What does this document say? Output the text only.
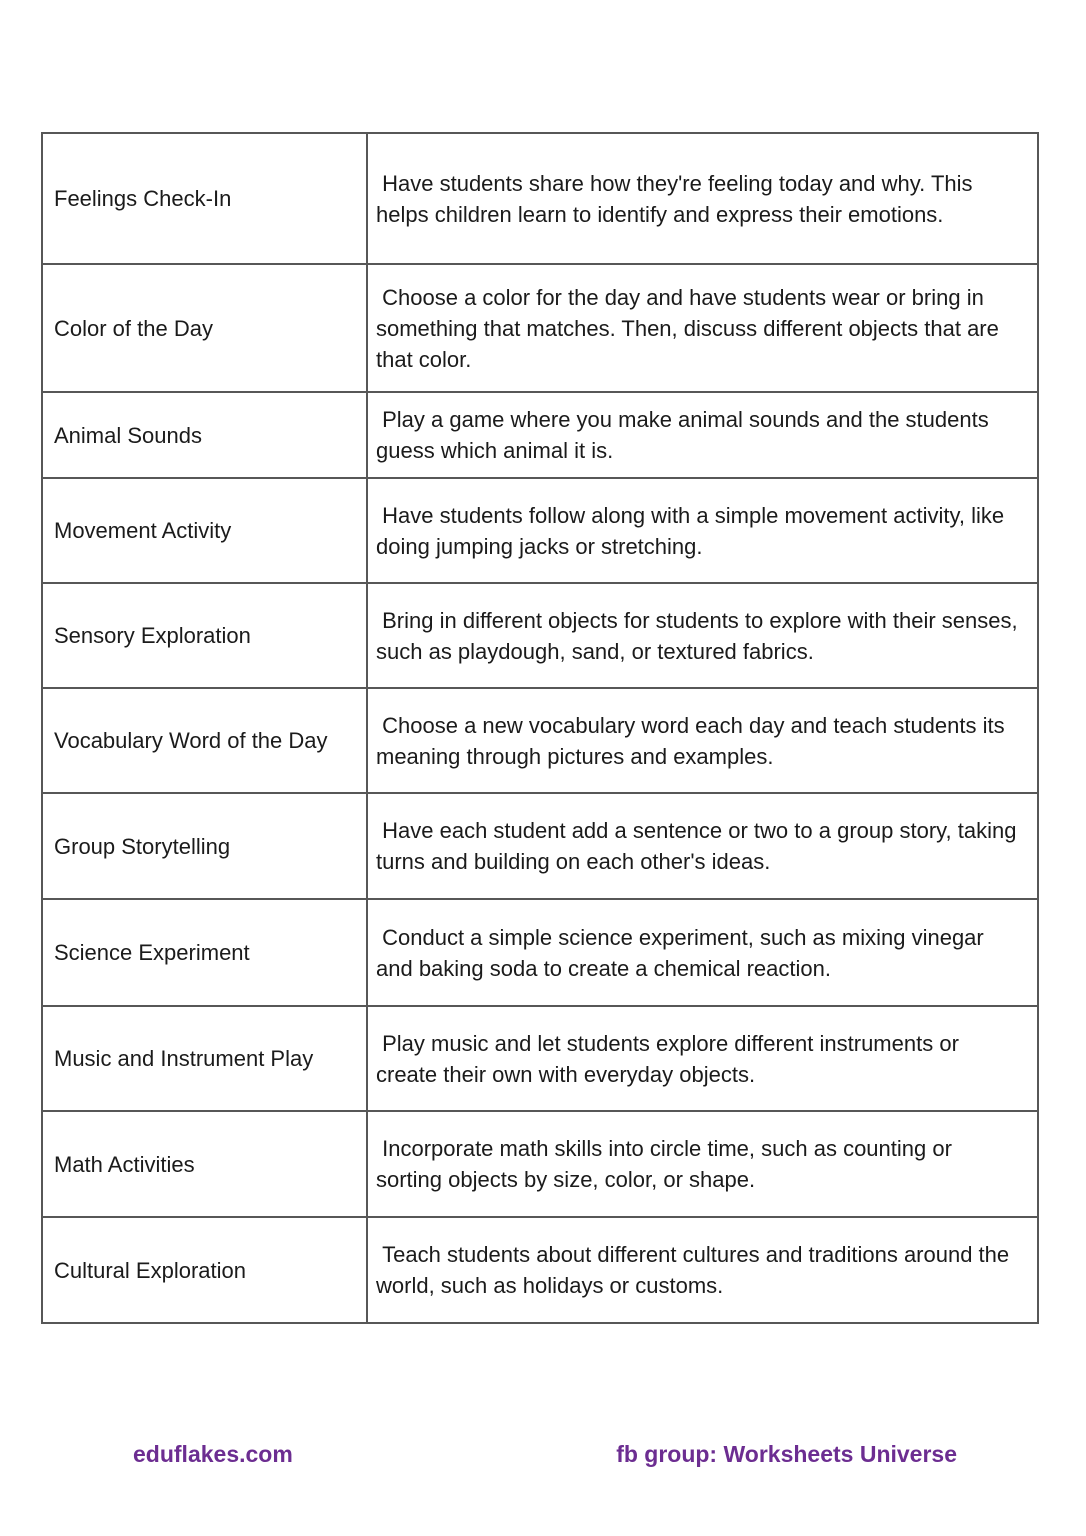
Feelings Check-In	Have students share how they're feeling today and why. This helps children learn to identify and express their emotions.
Color of the Day	Choose a color for the day and have students wear or bring in something that matches. Then, discuss different objects that are that color.
Animal Sounds	Play a game where you make animal sounds and the students guess which animal it is.
Movement Activity	Have students follow along with a simple movement activity, like doing jumping jacks or stretching.
Sensory Exploration	Bring in different objects for students to explore with their senses, such as playdough, sand, or textured fabrics.
Vocabulary Word of the Day	Choose a new vocabulary word each day and teach students its meaning through pictures and examples.
Group Storytelling	Have each student add a sentence or two to a group story, taking turns and building on each other's ideas.
Science Experiment	Conduct a simple science experiment, such as mixing vinegar and baking soda to create a chemical reaction.
Music and Instrument Play	Play music and let students explore different instruments or create their own with everyday objects.
Math Activities	Incorporate math skills into circle time, such as counting or sorting objects by size, color, or shape.
Cultural Exploration	Teach students about different cultures and traditions around the world, such as holidays or customs.
eduflakes.com	fb group: Worksheets Universe
